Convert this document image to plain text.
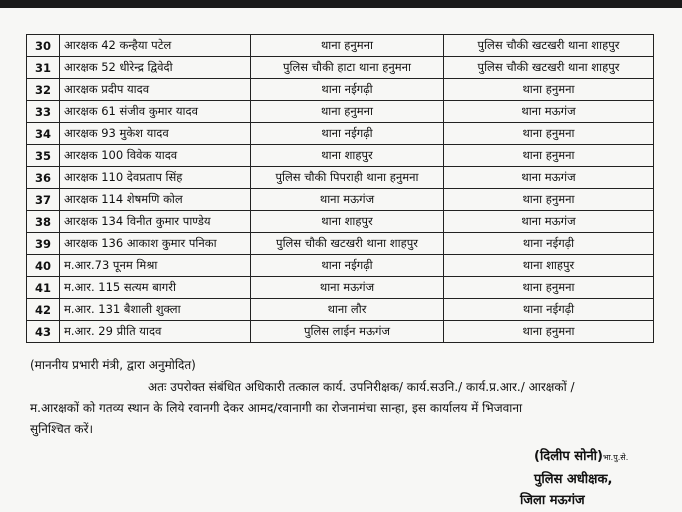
30	आरक्षक 42 कन्हैया पटेल	थाना हनुमना	पुलिस चौकी खटखरी थाना शाहपुर
31	आरक्षक 52 धीरेन्द्र द्विवेदी	पुलिस चौकी हाटा थाना हनुमना	पुलिस चौकी खटखरी थाना शाहपुर
32	आरक्षक प्रदीप यादव	थाना नईगढ़ी	थाना हनुमना
33	आरक्षक 61 संजीव कुमार यादव	थाना हनुमना	थाना मऊगंज
34	आरक्षक 93 मुकेश यादव	थाना नईगढ़ी	थाना हनुमना
35	आरक्षक 100 विवेक यादव	थाना शाहपुर	थाना हनुमना
36	आरक्षक 110 देवप्रताप सिंह	पुलिस चौकी पिपराही थाना हनुमना	थाना मऊगंज
37	आरक्षक 114 शेषमणि कोल	थाना मऊगंज	थाना हनुमना
38	आरक्षक 134 विनीत कुमार पाण्डेय	थाना शाहपुर	थाना मऊगंज
39	आरक्षक 136 आकाश कुमार पनिका	पुलिस चौकी खटखरी थाना शाहपुर	थाना नईगढ़ी
40	म.आर.73 पूनम मिश्रा	थाना नईगढ़ी	थाना शाहपुर
41	म.आर. 115 सत्यम बागरी	थाना मऊगंज	थाना हनुमना
42	म.आर. 131 बैशाली शुक्ला	थाना लौर	थाना नईगढ़ी
43	म.आर. 29 प्रीति यादव	पुलिस लाईन मऊगंज	थाना हनुमना
(माननीय प्रभारी मंत्री, द्वारा अनुमोदित)
अतः उपरोक्त संबंधित अधिकारी तत्काल कार्य. उपनिरीक्षक/ कार्य.सउनि./ कार्य.प्र.आर./ आरक्षकों /
म.आरक्षकों को गतव्य स्थान के लिये रवानगी देकर आमद/रवानागी का रोजनामंचा सान्हा, इस कार्यालय में भिजवाना
सुनिश्चित करें।
(दिलीप सोनी)भा.पु.से.
पुलिस अधीक्षक,
जिला मऊगंज
